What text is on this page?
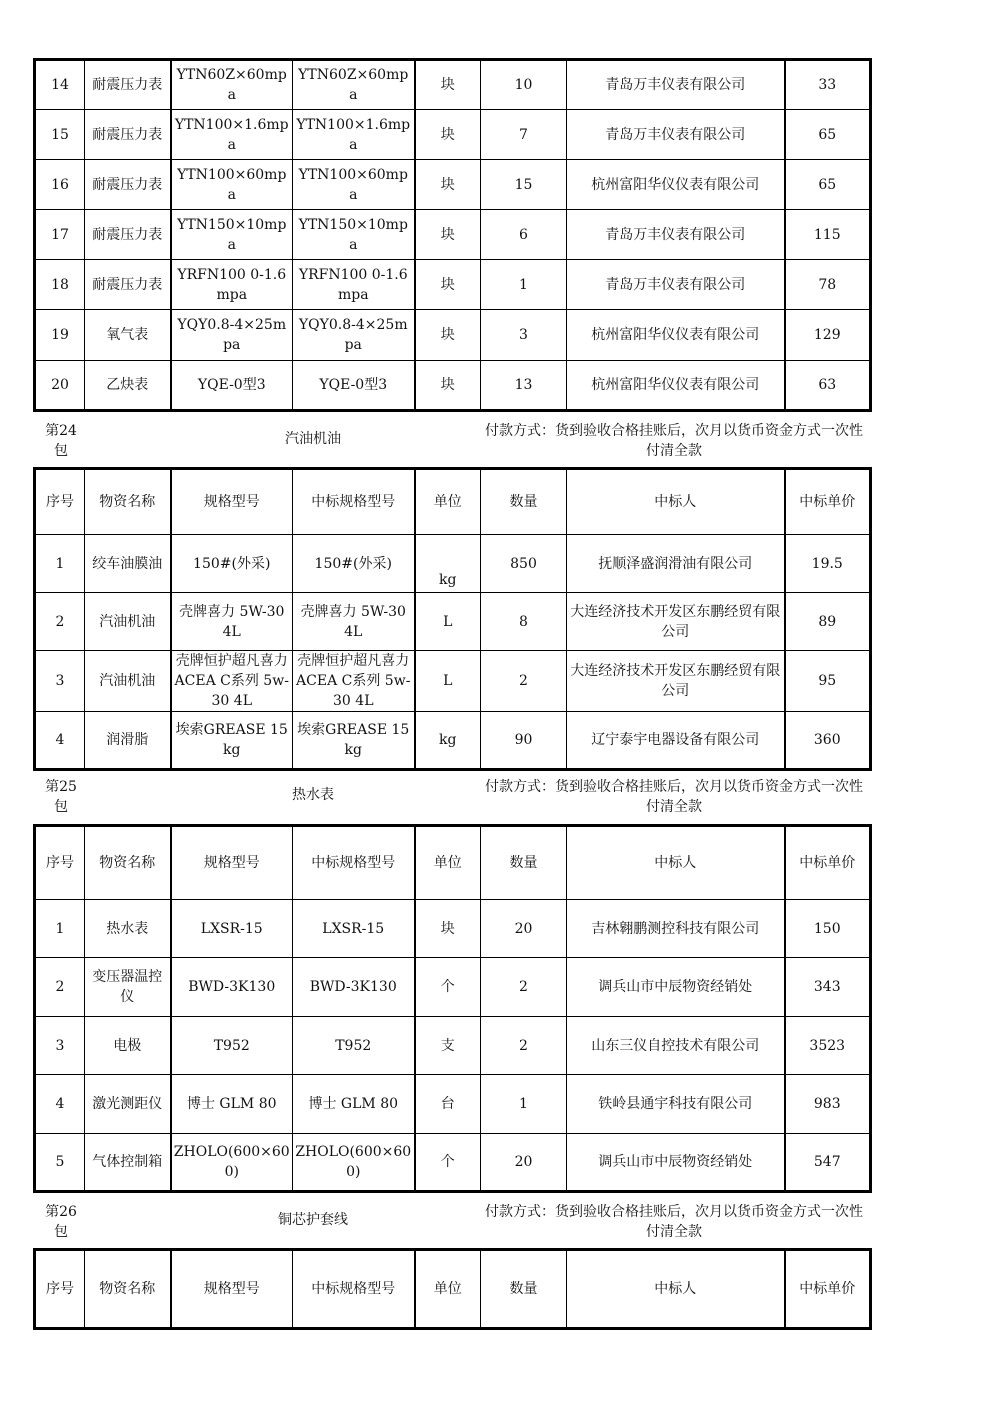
14	耐震压力表	YTN60Z×60mpa	YTN60Z×60mpa	块	10	青岛万丰仪表有限公司	33
15	耐震压力表	YTN100×1.6mpa	YTN100×1.6mpa	块	7	青岛万丰仪表有限公司	65
16	耐震压力表	YTN100×60mpa	YTN100×60mpa	块	15	杭州富阳华仪仪表有限公司	65
17	耐震压力表	YTN150×10mpa	YTN150×10mpa	块	6	青岛万丰仪表有限公司	115
18	耐震压力表	YRFN100 0-1.6mpa	YRFN100 0-1.6mpa	块	1	青岛万丰仪表有限公司	78
19	氧气表	YQY0.8-4×25mpa	YQY0.8-4×25mpa	块	3	杭州富阳华仪仪表有限公司	129
20	乙炔表	YQE-0型3	YQE-0型3	块	13	杭州富阳华仪仪表有限公司	63
第24包
汽油机油	付款方式：货到验收合格挂账后，次月以货币资金方式一次性付清全款
序号	物资名称	规格型号	中标规格型号	单位	数量	中标人	中标单价
1	绞车油膜油	150#(外采)	150#(外采)	kg	850	抚顺泽盛润滑油有限公司	19.5
2	汽油机油	壳牌喜力 5W-30 4L	壳牌喜力 5W-30 4L	L	8	大连经济技术开发区东鹏经贸有限公司	89
3	汽油机油	壳牌恒护超凡喜力ACEA C系列 5w-30 4L	壳牌恒护超凡喜力ACEA C系列 5w-30 4L	L	2	大连经济技术开发区东鹏经贸有限公司	95
4	润滑脂	埃索GREASE 15kg	埃索GREASE 15kg	kg	90	辽宁泰宇电器设备有限公司	360
第25包
热水表	付款方式：货到验收合格挂账后，次月以货币资金方式一次性付清全款
序号	物资名称	规格型号	中标规格型号	单位	数量	中标人	中标单价
1	热水表	LXSR-15	LXSR-15	块	20	吉林翱鹏测控科技有限公司	150
2	变压器温控仪	BWD-3K130	BWD-3K130	个	2	调兵山市中辰物资经销处	343
3	电极	T952	T952	支	2	山东三仪自控技术有限公司	3523
4	激光测距仪	博士 GLM 80	博士 GLM 80	台	1	铁岭县通宇科技有限公司	983
5	气体控制箱	ZHOLO(600×600)	ZHOLO(600×600)	个	20	调兵山市中辰物资经销处	547
第26包
铜芯护套线	付款方式：货到验收合格挂账后，次月以货币资金方式一次性付清全款
序号	物资名称	规格型号	中标规格型号	单位	数量	中标人	中标单价
